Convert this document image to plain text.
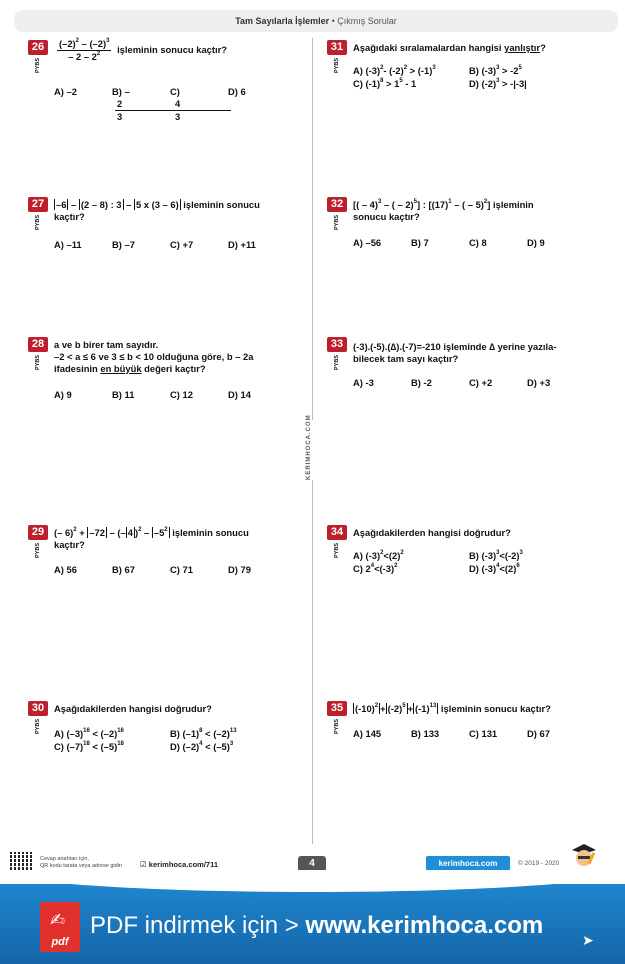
Tam Sayılarla İşlemler • Çıkmış Sorular
KERİMHOCA.COM
26
PYBS
$\frac{(-2)^2 - (-2)^3}{- 2 - 2^2}$ işleminin sonucu kaçtır?
A) –2	B) $-\frac{2}{3}$
$C)\frac{4}{3}$
D) 6
27
PYBS
–6 – (2 – 8) : 3 – 5 x (3 – 6) işleminin sonucu
kaçtır?
A) –11	B) –7	C) +7	D) +11
28
PYBS
a ve b birer tam sayıdır.
–2 < a ≤ 6 ve 3 ≤ b < 10 olduğuna göre, b – 2a
ifadesinin en büyük değeri kaçtır?
A) 9	B) 11	C) 12	D) 14
29
PYBS
(– 6)$^2$ + –72 – (– 4 )$^2 - -5^2$ işleminin sonucu
kaçtır?
A) 56	B) 67	C) 71	D) 79
30
PYBS
Aşağıdakilerden hangisi doğrudur?
A) $(-3)^{16} < (-2)^{16}$	B) $(-1)^8 < (-2)^{13}$
C) $(-7)^{18} < (-5)^{18}$	D) $(-2)^4 < (-5)^3$
31
PYBS
Aşağıdaki sıralamalardan hangisi yanlıştır?
A) $(-3)^2-$ $(-2)^2 > (-1)^3$	B) $(-3)^3 > -2^5$
C) $(-1)^8 > 1^5 - 1$	D) $(-2)^3 > -|-3|$
32
PYBS
[( – 4)$^3$ – ( – 2)$^5$] : [$(17)^1$ – ( – 5)$^2$] işleminin
sonucu kaçtır?
A) –56	B) 7	C) 8	D) 9
33
PYBS
(-3).(-5).(∆).(-7)=-210 işleminde ∆ yerine yazıla-
bilecek tam sayı kaçtır?
A) -3	B) -2	C) +2	D) +3
34
PYBS
Aşağıdakilerden hangisi doğrudur?
A) $(-3)^2<(2)^2$	B) $(-3)^3<(-2)^3$
C) $2^4<(-3)^2$	D) $(-3)^4<(2)^6$
35
PYBS
$(-10)^2 + (-2)^5 + (-1)^{13}$ işleminin sonucu kaçtır?
A) 145	B) 133	C) 131	D) 67
Cevap anahtarı için,
QR kodu tarata veya adrese gidin ☑ kerimhoca.com/711	4	kerimhoca.com	© 2019 - 2020
✍
pdf
PDF indirmek için > www.kerimhoca.com
➤
